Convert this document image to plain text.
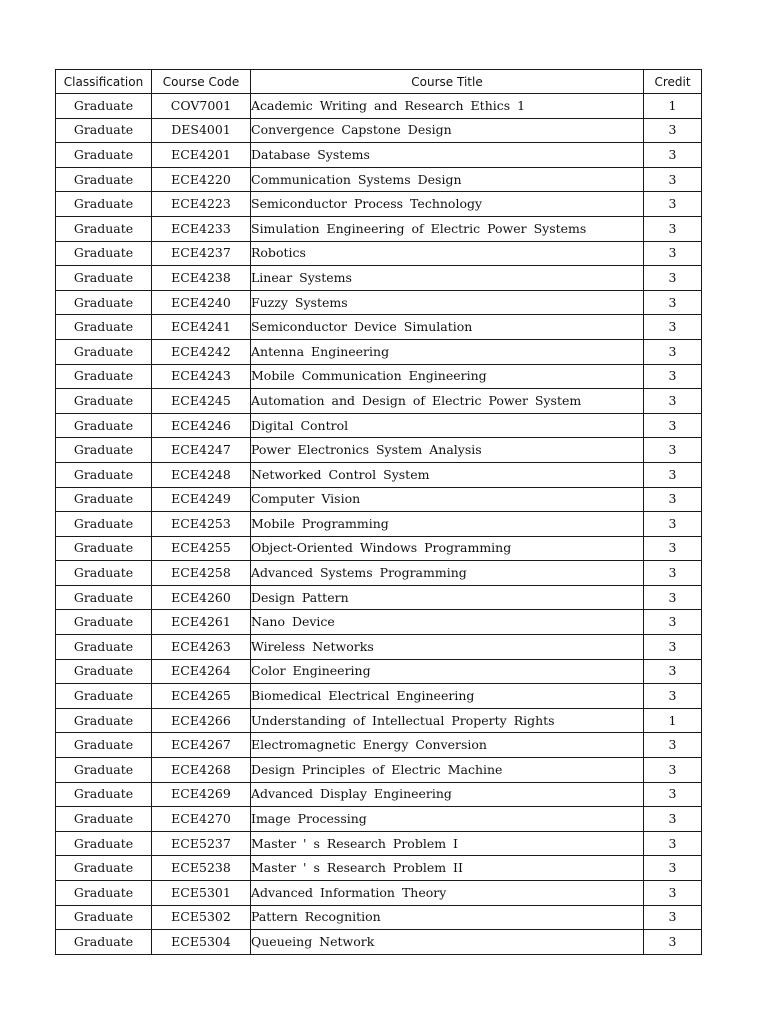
Classification	Course Code	Course Title	Credit
Graduate	COV7001	Academic Writing and Research Ethics 1	1
Graduate	DES4001	Convergence Capstone Design	3
Graduate	ECE4201	Database Systems	3
Graduate	ECE4220	Communication Systems Design	3
Graduate	ECE4223	Semiconductor Process Technology	3
Graduate	ECE4233	Simulation Engineering of Electric Power Systems	3
Graduate	ECE4237	Robotics	3
Graduate	ECE4238	Linear Systems	3
Graduate	ECE4240	Fuzzy Systems	3
Graduate	ECE4241	Semiconductor Device Simulation	3
Graduate	ECE4242	Antenna Engineering	3
Graduate	ECE4243	Mobile Communication Engineering	3
Graduate	ECE4245	Automation and Design of Electric Power System	3
Graduate	ECE4246	Digital Control	3
Graduate	ECE4247	Power Electronics System Analysis	3
Graduate	ECE4248	Networked Control System	3
Graduate	ECE4249	Computer Vision	3
Graduate	ECE4253	Mobile Programming	3
Graduate	ECE4255	Object-Oriented Windows Programming	3
Graduate	ECE4258	Advanced Systems Programming	3
Graduate	ECE4260	Design Pattern	3
Graduate	ECE4261	Nano Device	3
Graduate	ECE4263	Wireless Networks	3
Graduate	ECE4264	Color Engineering	3
Graduate	ECE4265	Biomedical Electrical Engineering	3
Graduate	ECE4266	Understanding of Intellectual Property Rights	1
Graduate	ECE4267	Electromagnetic Energy Conversion	3
Graduate	ECE4268	Design Principles of Electric Machine	3
Graduate	ECE4269	Advanced Display Engineering	3
Graduate	ECE4270	Image Processing	3
Graduate	ECE5237	Master ' s Research Problem I	3
Graduate	ECE5238	Master ' s Research Problem II	3
Graduate	ECE5301	Advanced Information Theory	3
Graduate	ECE5302	Pattern Recognition	3
Graduate	ECE5304	Queueing Network	3
